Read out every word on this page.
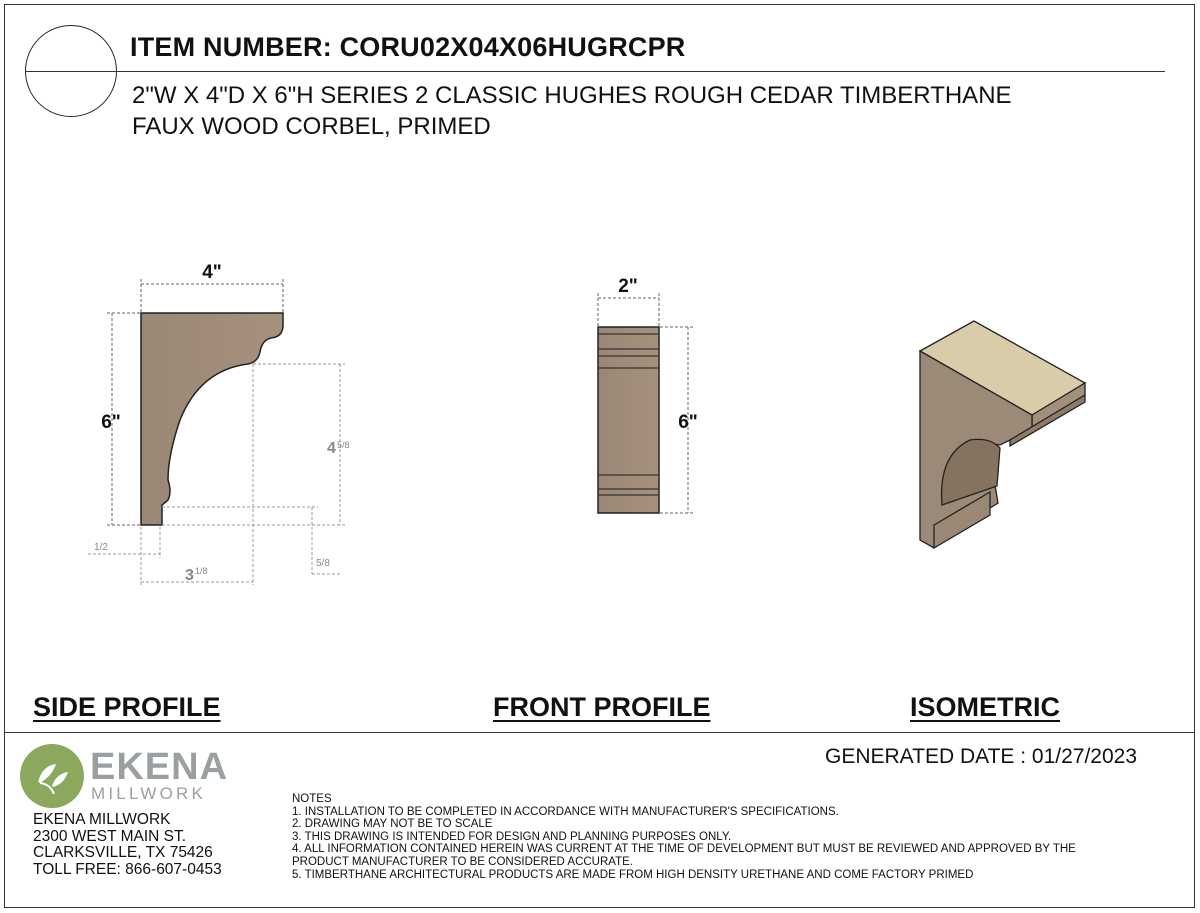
ITEM NUMBER: CORU02X04X06HUGRCPR
2"W X 4"D X 6"H SERIES 2 CLASSIC HUGHES ROUGH CEDAR TIMBERTHANE
FAUX WOOD CORBEL, PRIMED
4"
6"
4 5/8
3 1/8
1/2
5/8
2"
6"
SIDE PROFILE	FRONT PROFILE	ISOMETRIC
EKENA
MILLWORK
EKENA MILLWORK
2300 WEST MAIN ST.
CLARKSVILLE, TX 75426
TOLL FREE: 866-607-0453
GENERATED DATE : 01/27/2023
NOTES
1. INSTALLATION TO BE COMPLETED IN ACCORDANCE WITH MANUFACTURER'S SPECIFICATIONS.
2. DRAWING MAY NOT BE TO SCALE
3. THIS DRAWING IS INTENDED FOR DESIGN AND PLANNING PURPOSES ONLY.
4. ALL INFORMATION CONTAINED HEREIN WAS CURRENT AT THE TIME OF DEVELOPMENT BUT MUST BE REVIEWED AND APPROVED BY THE PRODUCT MANUFACTURER TO BE CONSIDERED ACCURATE.
5. TIMBERTHANE ARCHITECTURAL PRODUCTS ARE MADE FROM HIGH DENSITY URETHANE AND COME FACTORY PRIMED
